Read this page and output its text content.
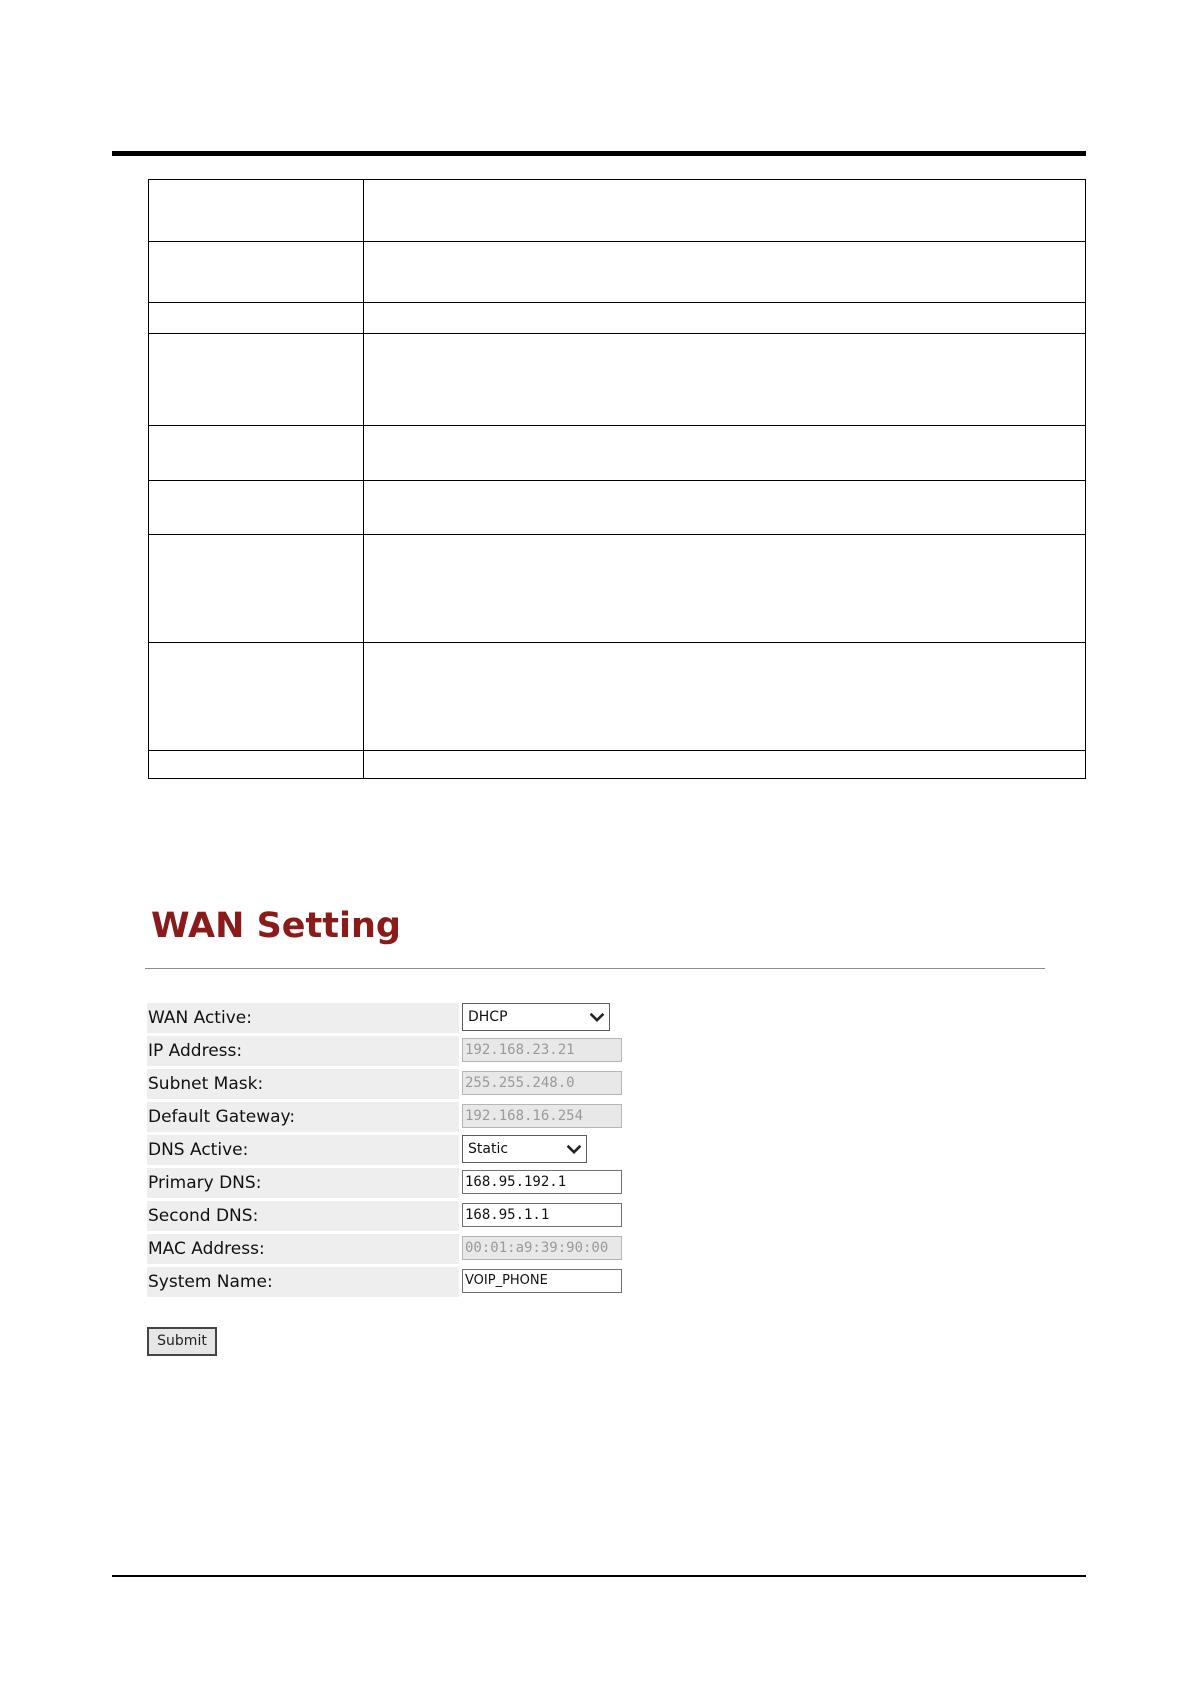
WAN Setting
WAN Active:	DHCP
IP Address:	192.168.23.21
Subnet Mask:	255.255.248.0
Default Gateway:	192.168.16.254
DNS Active:	Static
Primary DNS:	168.95.192.1
Second DNS:	168.95.1.1
MAC Address:	00:01:a9:39:90:00
System Name:	VOIP_PHONE
Submit
